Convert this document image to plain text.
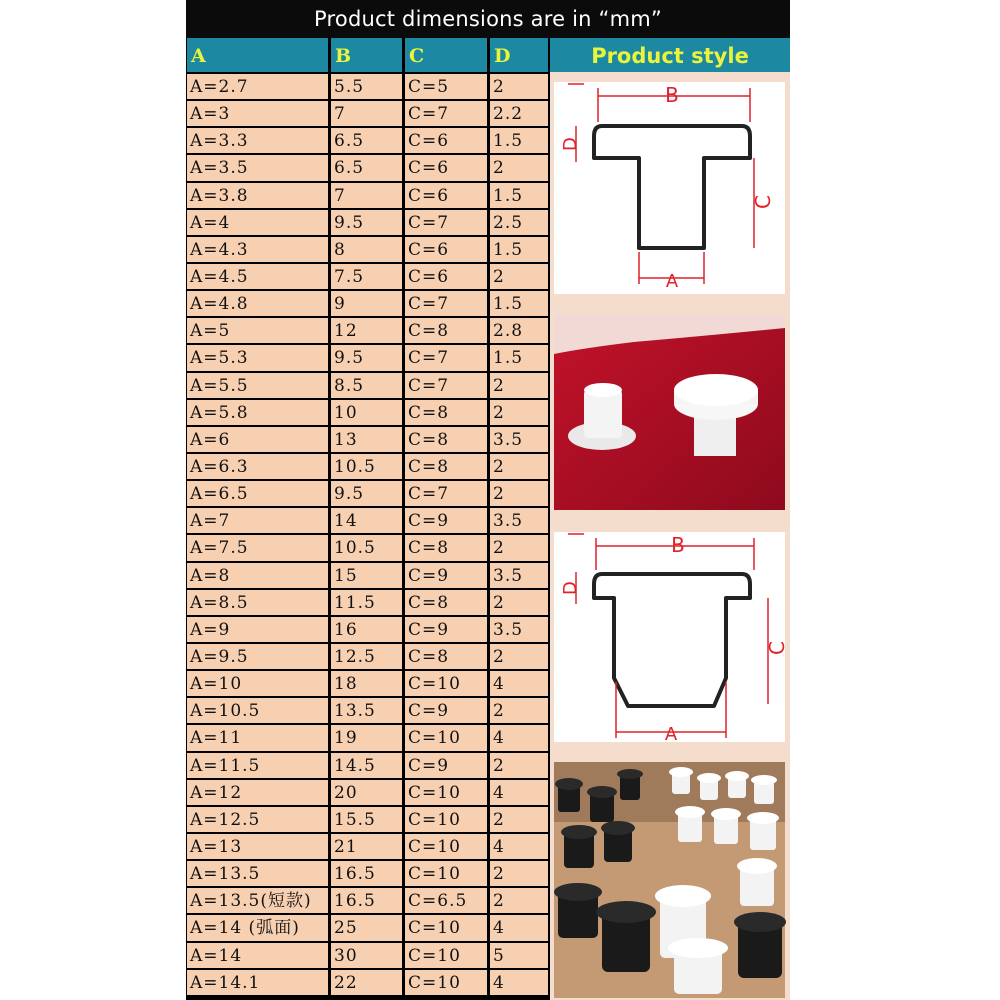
Product dimensions are in “mm”
A	B	C	D
A=2.7	5.5	C=5	2
A=3	7	C=7	2.2
A=3.3	6.5	C=6	1.5
A=3.5	6.5	C=6	2
A=3.8	7	C=6	1.5
A=4	9.5	C=7	2.5
A=4.3	8	C=6	1.5
A=4.5	7.5	C=6	2
A=4.8	9	C=7	1.5
A=5	12	C=8	2.8
A=5.3	9.5	C=7	1.5
A=5.5	8.5	C=7	2
A=5.8	10	C=8	2
A=6	13	C=8	3.5
A=6.3	10.5	C=8	2
A=6.5	9.5	C=7	2
A=7	14	C=9	3.5
A=7.5	10.5	C=8	2
A=8	15	C=9	3.5
A=8.5	11.5	C=8	2
A=9	16	C=9	3.5
A=9.5	12.5	C=8	2
A=10	18	C=10	4
A=10.5	13.5	C=9	2
A=11	19	C=10	4
A=11.5	14.5	C=9	2
A=12	20	C=10	4
A=12.5	15.5	C=10	2
A=13	21	C=10	4
A=13.5	16.5	C=10	2
A=13.5(短款)	16.5	C=6.5	2
A=14 (弧面)	25	C=10	4
A=14	30	C=10	5
A=14.1	22	C=10	4
Product style
B
D
C
A
B
D
C
A
